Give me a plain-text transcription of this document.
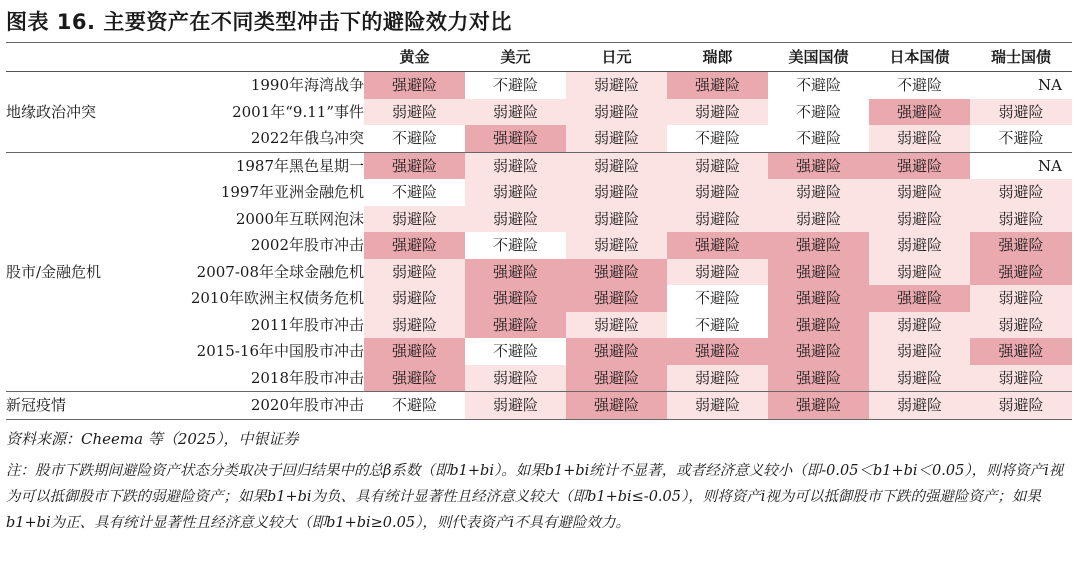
图表 16. 主要资产在不同类型冲击下的避险效力对比
		黄金	美元	日元	瑞郎	美国国债	日本国债	瑞士国债
地缘政治冲突	1990年海湾战争	强避险	不避险	弱避险	强避险	不避险	不避险	NA
	2001年“9.11”事件	弱避险	弱避险	弱避险	弱避险	不避险	强避险	弱避险
	2022年俄乌冲突	不避险	强避险	弱避险	不避险	不避险	弱避险	不避险
股市/金融危机	1987年黑色星期一	强避险	弱避险	弱避险	弱避险	强避险	强避险	NA
	1997年亚洲金融危机	不避险	弱避险	弱避险	弱避险	弱避险	弱避险	弱避险
	2000年互联网泡沫	弱避险	弱避险	弱避险	弱避险	弱避险	弱避险	弱避险
	2002年股市冲击	强避险	不避险	弱避险	强避险	强避险	弱避险	强避险
	2007-08年全球金融危机	弱避险	强避险	强避险	弱避险	强避险	弱避险	强避险
	2010年欧洲主权债务危机	弱避险	强避险	强避险	不避险	强避险	强避险	弱避险
	2011年股市冲击	弱避险	强避险	弱避险	不避险	强避险	弱避险	弱避险
	2015-16年中国股市冲击	强避险	不避险	强避险	强避险	强避险	弱避险	强避险
	2018年股市冲击	强避险	弱避险	强避险	弱避险	强避险	弱避险	弱避险
新冠疫情	2020年股市冲击	不避险	弱避险	强避险	弱避险	强避险	弱避险	弱避险
资料来源：Cheema 等（2025），中银证券
注：股市下跌期间避险资产状态分类取决于回归结果中的总β系数（即b1+bi）。如果b1+bi统计不显著，或者经济意义较小（即-0.05＜b1+bi＜0.05），则将资产i视为可以抵御股市下跌的弱避险资产；如果b1+bi为负、具有统计显著性且经济意义较大（即b1+bi≤-0.05），则将资产i视为可以抵御股市下跌的强避险资产；如果b1+bi为正、具有统计显著性且经济意义较大（即b1+bi≥0.05），则代表资产i不具有避险效力。
